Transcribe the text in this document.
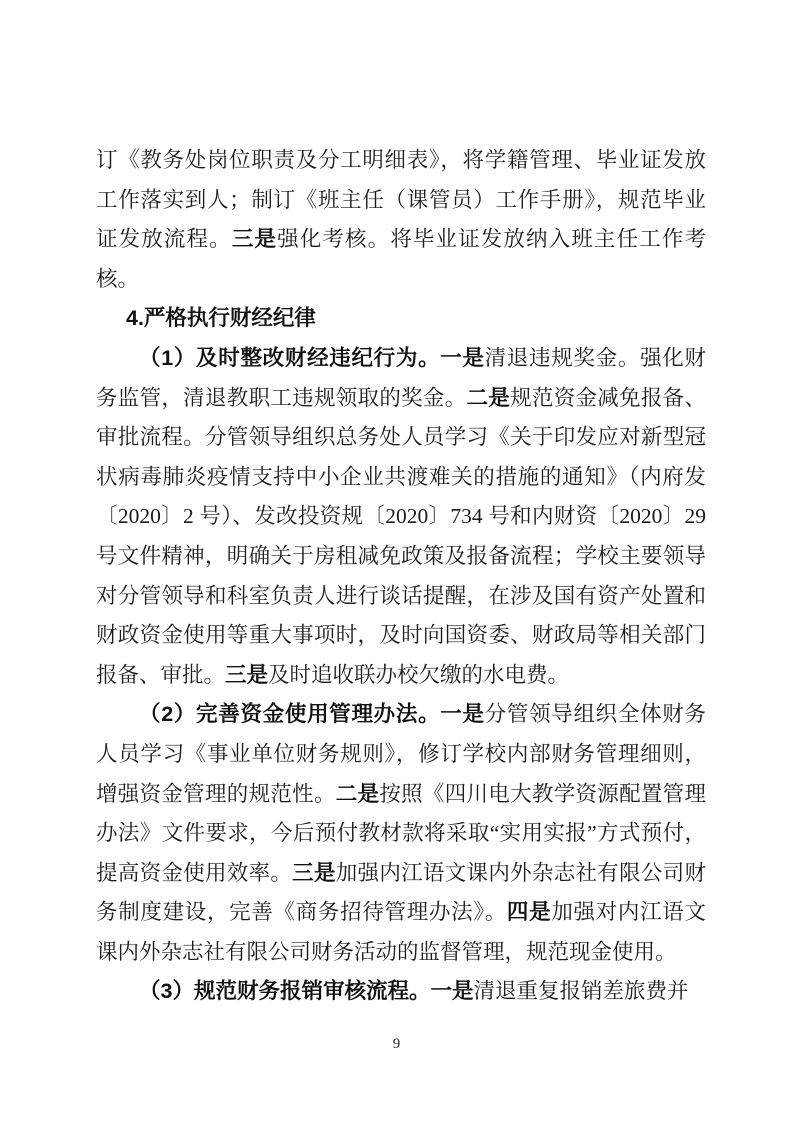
订《教务处岗位职责及分工明细表》，将学籍管理、毕业证发放工作落实到人；制订《班主任（课管员）工作手册》，规范毕业证发放流程。三是强化考核。将毕业证发放纳入班主任工作考核。

4.严格执行财经纪律

（1）及时整改财经违纪行为。一是清退违规奖金。强化财务监管，清退教职工违规领取的奖金。二是规范资金减免报备、审批流程。分管领导组织总务处人员学习《关于印发应对新型冠状病毒肺炎疫情支持中小企业共渡难关的措施的通知》（内府发〔2020〕2 号）、发改投资规〔2020〕734 号和内财资〔2020〕29 号文件精神，明确关于房租减免政策及报备流程；学校主要领导对分管领导和科室负责人进行谈话提醒，在涉及国有资产处置和财政资金使用等重大事项时，及时向国资委、财政局等相关部门报备、审批。三是及时追收联办校欠缴的水电费。

（2）完善资金使用管理办法。一是分管领导组织全体财务人员学习《事业单位财务规则》，修订学校内部财务管理细则，增强资金管理的规范性。二是按照《四川电大教学资源配置管理办法》文件要求，今后预付教材款将采取“实用实报”方式预付，提高资金使用效率。三是加强内江语文课内外杂志社有限公司财务制度建设，完善《商务招待管理办法》。四是加强对内江语文课内外杂志社有限公司财务活动的监督管理，规范现金使用。

（3）规范财务报销审核流程。一是清退重复报销差旅费并

9
